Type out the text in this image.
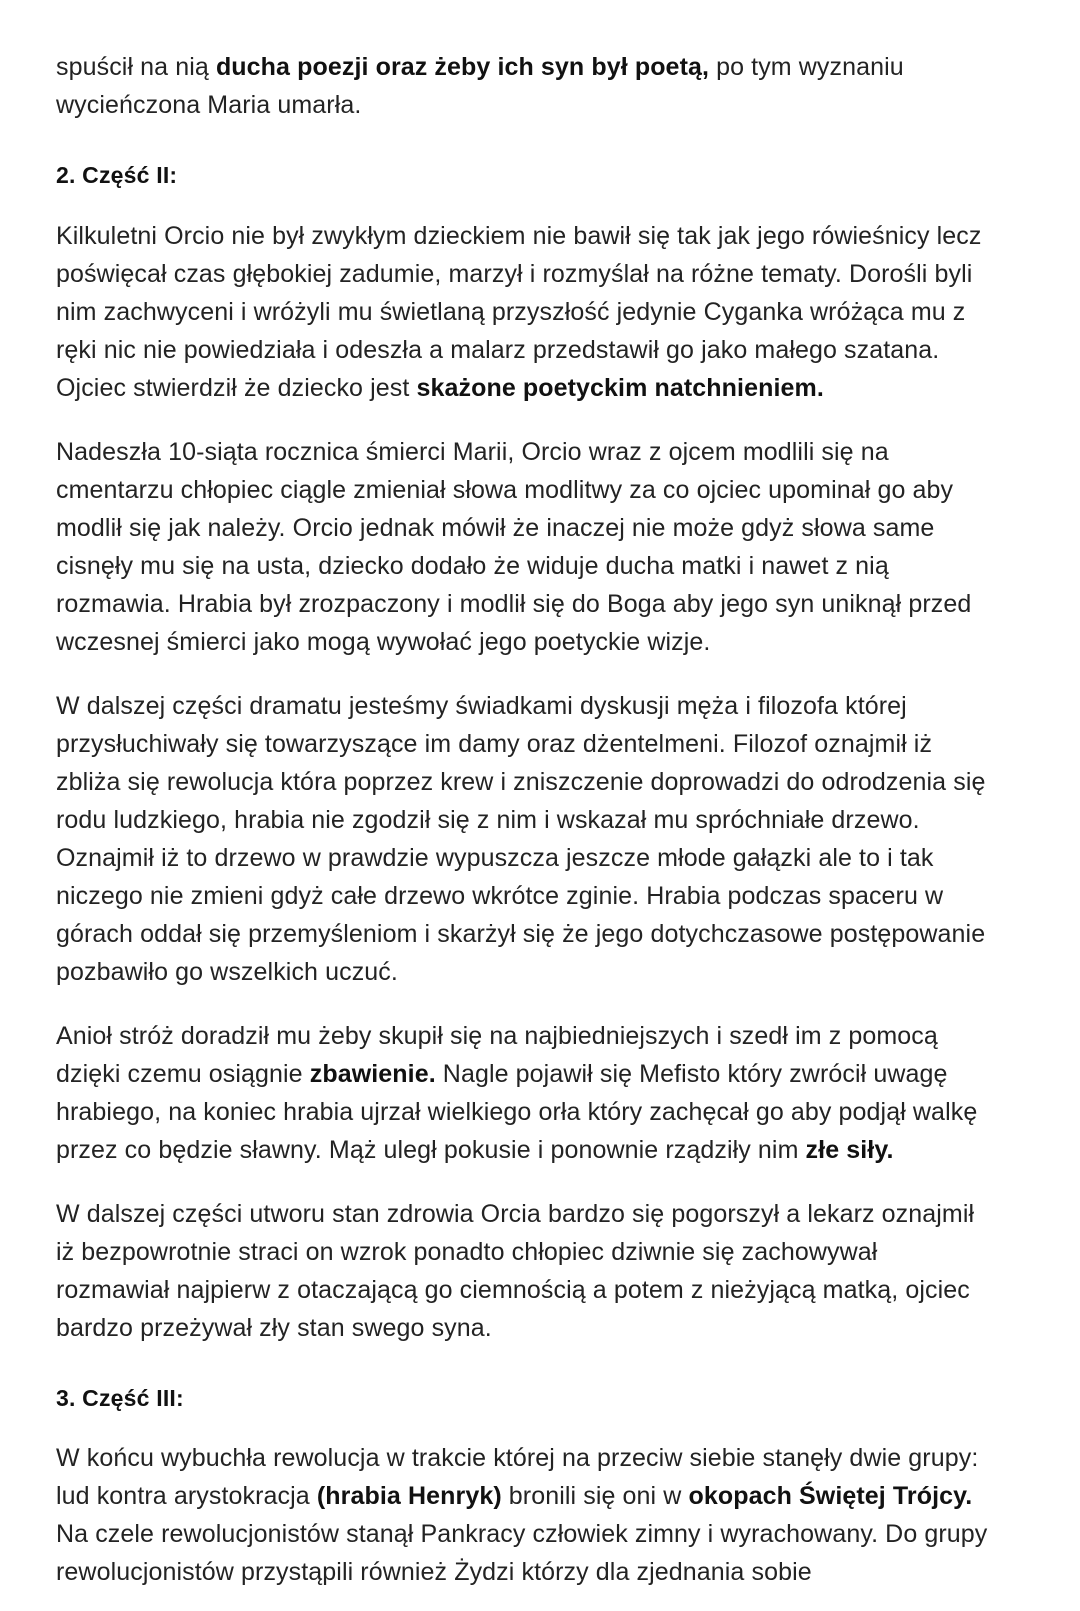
spuścił na nią ducha poezji oraz żeby ich syn był poetą, po tym wyznaniu wycieńczona Maria umarła.

2. Część II:

Kilkuletni Orcio nie był zwykłym dzieckiem nie bawił się tak jak jego rówieśnicy lecz poświęcał czas głębokiej zadumie, marzył i rozmyślał na różne tematy. Dorośli byli nim zachwyceni i wróżyli mu świetlaną przyszłość jedynie Cyganka wróżąca mu z ręki nic nie powiedziała i odeszła a malarz przedstawił go jako małego szatana. Ojciec stwierdził że dziecko jest skażone poetyckim natchnieniem.

Nadeszła 10-siąta rocznica śmierci Marii, Orcio wraz z ojcem modlili się na cmentarzu chłopiec ciągle zmieniał słowa modlitwy za co ojciec upominał go aby modlił się jak należy. Orcio jednak mówił że inaczej nie może gdyż słowa same cisnęły mu się na usta, dziecko dodało że widuje ducha matki i nawet z nią rozmawia. Hrabia był zrozpaczony i modlił się do Boga aby jego syn uniknął przed wczesnej śmierci jako mogą wywołać jego poetyckie wizje.

W dalszej części dramatu jesteśmy świadkami dyskusji męża i filozofa której przysłuchiwały się towarzyszące im damy oraz dżentelmeni. Filozof oznajmił iż zbliża się rewolucja która poprzez krew i zniszczenie doprowadzi do odrodzenia się rodu ludzkiego, hrabia nie zgodził się z nim i wskazał mu spróchniałe drzewo. Oznajmił iż to drzewo w prawdzie wypuszcza jeszcze młode gałązki ale to i tak niczego nie zmieni gdyż całe drzewo wkrótce zginie. Hrabia podczas spaceru w górach oddał się przemyśleniom i skarżył się że jego dotychczasowe postępowanie pozbawiło go wszelkich uczuć.

Anioł stróż doradził mu żeby skupił się na najbiedniejszych i szedł im z pomocą dzięki czemu osiągnie zbawienie. Nagle pojawił się Mefisto który zwrócił uwagę hrabiego, na koniec hrabia ujrzał wielkiego orła który zachęcał go aby podjął walkę przez co będzie sławny. Mąż uległ pokusie i ponownie rządziły nim złe siły.

W dalszej części utworu stan zdrowia Orcia bardzo się pogorszył a lekarz oznajmił iż bezpowrotnie straci on wzrok ponadto chłopiec dziwnie się zachowywał rozmawiał najpierw z otaczającą go ciemnością a potem z nieżyjącą matką, ojciec bardzo przeżywał zły stan swego syna.

3. Część III:

W końcu wybuchła rewolucja w trakcie której na przeciw siebie stanęły dwie grupy: lud kontra arystokracja (hrabia Henryk) bronili się oni w okopach Świętej Trójcy. Na czele rewolucjonistów stanął Pankracy człowiek zimny i wyrachowany. Do grupy rewolucjonistów przystąpili również Żydzi którzy dla zjednania sobie
